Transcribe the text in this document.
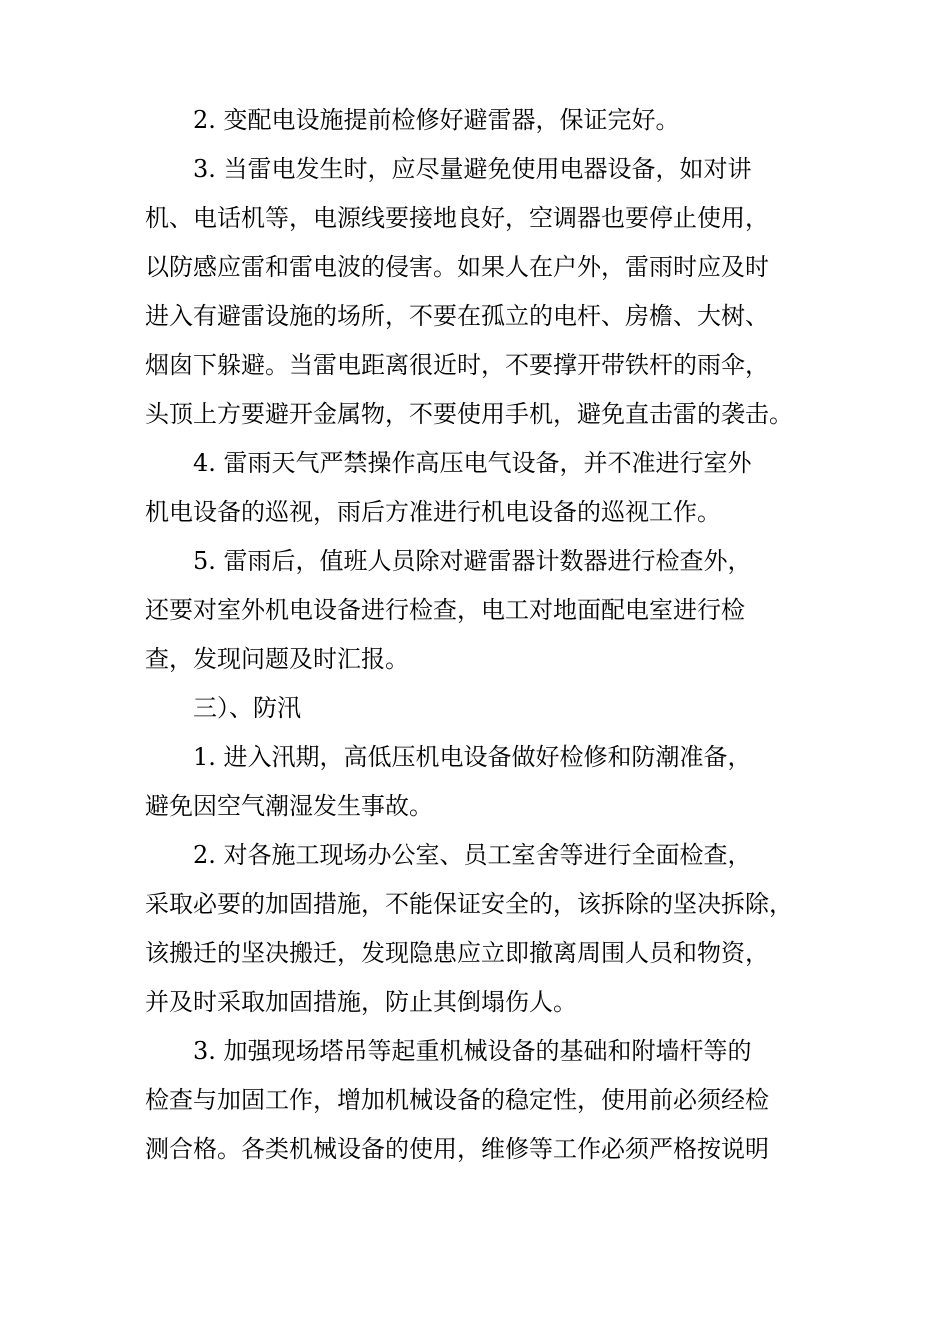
2. 变配电设施提前检修好避雷器，保证完好。
3. 当雷电发生时，应尽量避免使用电器设备，如对讲
机、电话机等，电源线要接地良好，空调器也要停止使用，
以防感应雷和雷电波的侵害。如果人在户外，雷雨时应及时
进入有避雷设施的场所，不要在孤立的电杆、房檐、大树、
烟囱下躲避。当雷电距离很近时，不要撑开带铁杆的雨伞，
头顶上方要避开金属物，不要使用手机，避免直击雷的袭击。
4. 雷雨天气严禁操作高压电气设备，并不准进行室外
机电设备的巡视，雨后方准进行机电设备的巡视工作。
5. 雷雨后，值班人员除对避雷器计数器进行检查外，
还要对室外机电设备进行检查，电工对地面配电室进行检
查，发现问题及时汇报。
三）、防汛
1. 进入汛期，高低压机电设备做好检修和防潮准备，
避免因空气潮湿发生事故。
2. 对各施工现场办公室、员工室舍等进行全面检查，
采取必要的加固措施，不能保证安全的，该拆除的坚决拆除，
该搬迁的坚决搬迁，发现隐患应立即撤离周围人员和物资，
并及时采取加固措施，防止其倒塌伤人。
3. 加强现场塔吊等起重机械设备的基础和附墙杆等的
检查与加固工作，增加机械设备的稳定性，使用前必须经检
测合格。各类机械设备的使用，维修等工作必须严格按说明
